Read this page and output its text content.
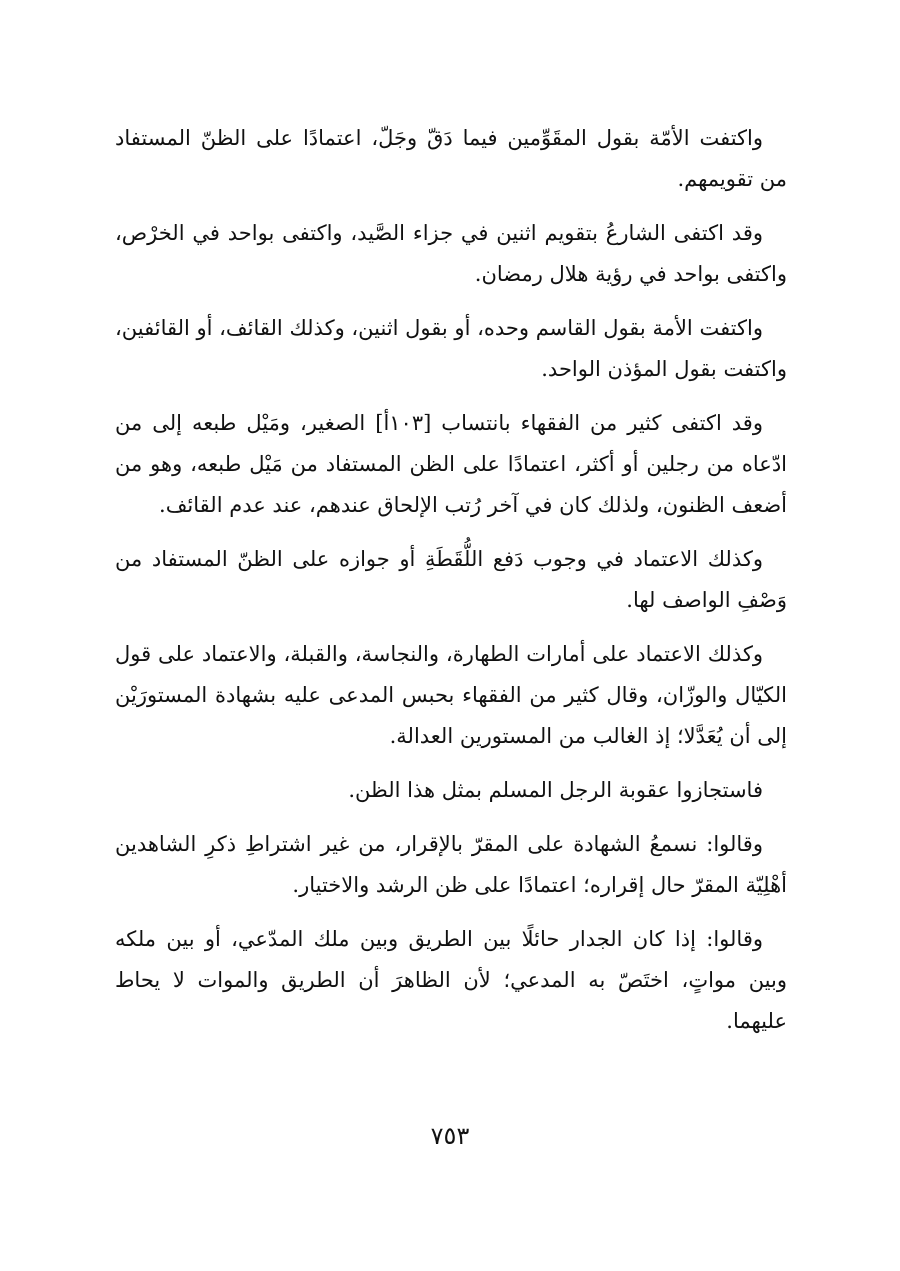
واكتفت الأمّة بقول المقَوِّمين فيما دَقّ وجَلّ، اعتمادًا على الظنّ المستفاد من تقويمهم.

وقد اكتفى الشارعُ بتقويم اثنين في جزاء الصَّيد، واكتفى بواحد في الخرْص، واكتفى بواحد في رؤية هلال رمضان.

واكتفت الأمة بقول القاسم وحده، أو بقول اثنين، وكذلك القائف، أو القائفين، واكتفت بقول المؤذن الواحد.

وقد اكتفى كثير من الفقهاء بانتساب [١٠٣أ] الصغير، ومَيْل طبعه إلى من ادّعاه من رجلين أو أكثر، اعتمادًا على الظن المستفاد من مَيْل طبعه، وهو من أضعف الظنون، ولذلك كان في آخر رُتب الإلحاق عندهم، عند عدم القائف.

وكذلك الاعتماد في وجوب دَفع اللُّقَطَةِ أو جوازه على الظنّ المستفاد من وَصْفِ الواصف لها.

وكذلك الاعتماد على أمارات الطهارة، والنجاسة، والقبلة، والاعتماد على قول الكيّال والوزّان، وقال كثير من الفقهاء بحبس المدعى عليه بشهادة المستورَيْن إلى أن يُعَدَّلا؛ إذ الغالب من المستورين العدالة.

فاستجازوا عقوبة الرجل المسلم بمثل هذا الظن.

وقالوا: نسمعُ الشهادة على المقرّ بالإقرار، من غير اشتراطِ ذكرِ الشاهدين أهْلِيّة المقرّ حال إقراره؛ اعتمادًا على ظن الرشد والاختيار.

وقالوا: إذا كان الجدار حائلًا بين الطريق وبين ملك المدّعي، أو بين ملكه وبين مواتٍ، اختَصّ به المدعي؛ لأن الظاهرَ أن الطريق والموات لا يحاط عليهما.

٧٥٣
